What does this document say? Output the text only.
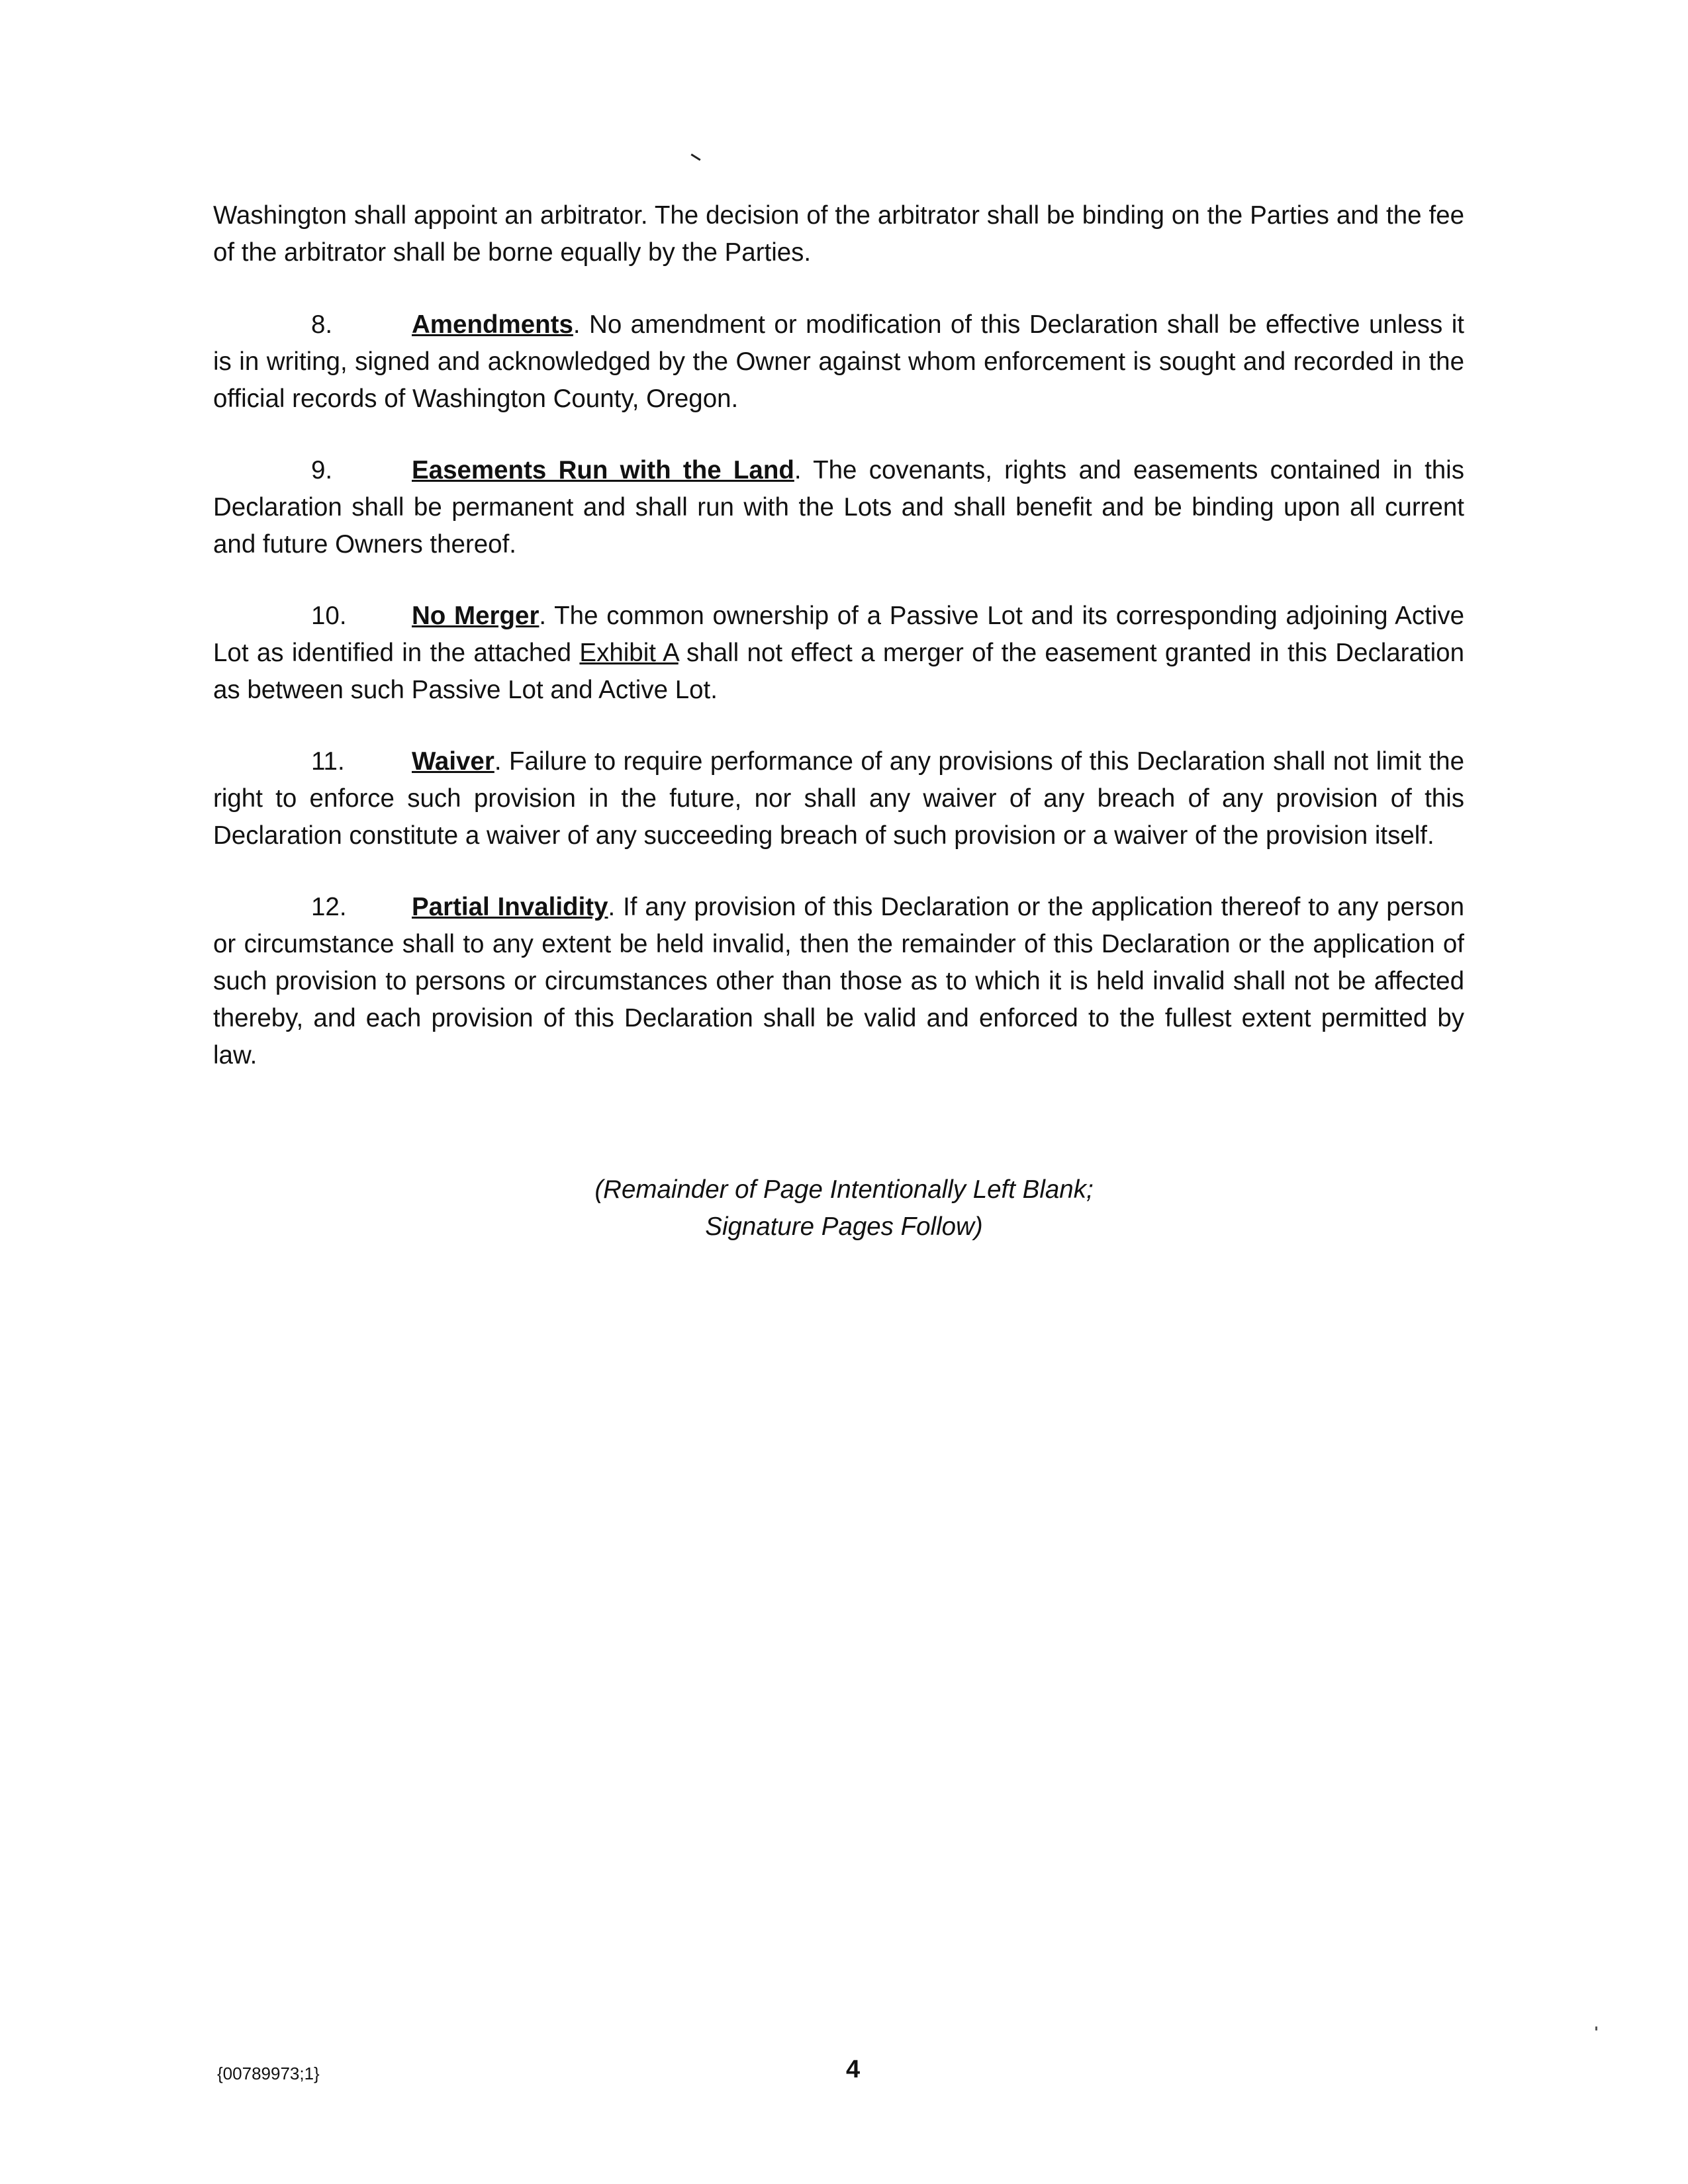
Washington shall appoint an arbitrator. The decision of the arbitrator shall be binding on the Parties and the fee of the arbitrator shall be borne equally by the Parties.

8.	Amendments. No amendment or modification of this Declaration shall be effective unless it is in writing, signed and acknowledged by the Owner against whom enforcement is sought and recorded in the official records of Washington County, Oregon.

9.	Easements Run with the Land. The covenants, rights and easements contained in this Declaration shall be permanent and shall run with the Lots and shall benefit and be binding upon all current and future Owners thereof.

10.	No Merger. The common ownership of a Passive Lot and its corresponding adjoining Active Lot as identified in the attached Exhibit A shall not effect a merger of the easement granted in this Declaration as between such Passive Lot and Active Lot.

11.	Waiver. Failure to require performance of any provisions of this Declaration shall not limit the right to enforce such provision in the future, nor shall any waiver of any breach of any provision of this Declaration constitute a waiver of any succeeding breach of such provision or a waiver of the provision itself.

12.	Partial Invalidity. If any provision of this Declaration or the application thereof to any person or circumstance shall to any extent be held invalid, then the remainder of this Declaration or the application of such provision to persons or circumstances other than those as to which it is held invalid shall not be affected thereby, and each provision of this Declaration shall be valid and enforced to the fullest extent permitted by law.

(Remainder of Page Intentionally Left Blank;
Signature Pages Follow)
{00789973;1}	4
